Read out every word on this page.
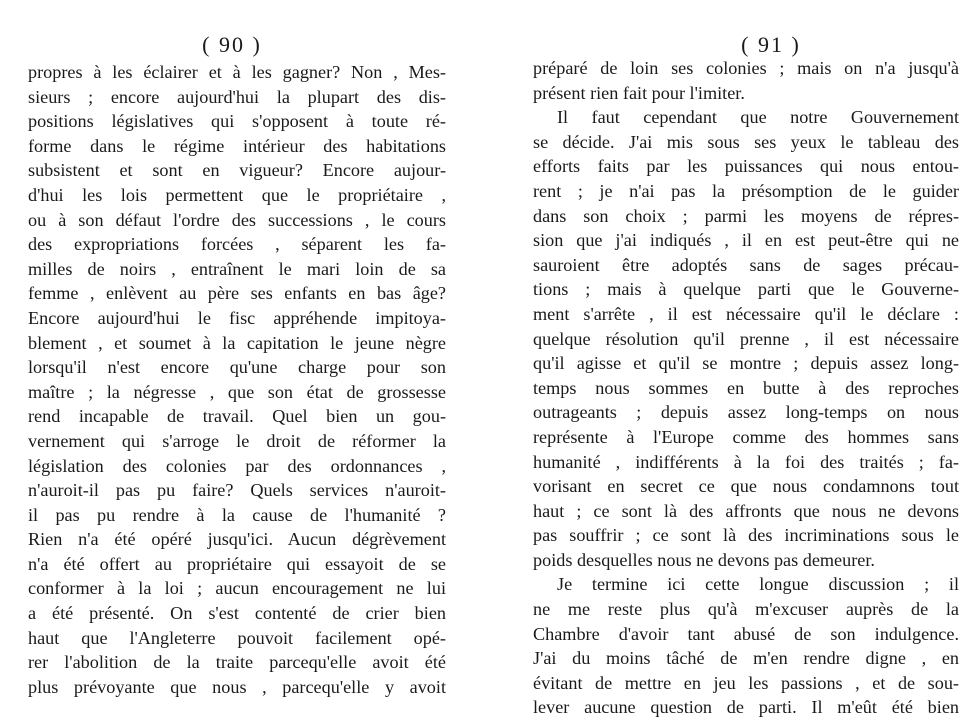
( 90 )
propres à les éclairer et à les gagner? Non , Mes-
sieurs ; encore aujourd'hui la plupart des dis-
positions législatives qui s'opposent à toute ré-
forme dans le régime intérieur des habitations
subsistent et sont en vigueur? Encore aujour-
d'hui les lois permettent que le propriétaire ,
ou à son défaut l'ordre des successions , le cours
des expropriations forcées , séparent les fa-
milles de noirs , entraînent le mari loin de sa
femme , enlèvent au père ses enfants en bas âge?
Encore aujourd'hui le fisc appréhende impitoya-
blement , et soumet à la capitation le jeune nègre
lorsqu'il n'est encore qu'une charge pour son
maître ; la négresse , que son état de grossesse
rend incapable de travail. Quel bien un gou-
vernement qui s'arroge le droit de réformer la
législation des colonies par des ordonnances ,
n'auroit-il pas pu faire? Quels services n'auroit-
il pas pu rendre à la cause de l'humanité ?
Rien n'a été opéré jusqu'ici. Aucun dégrèvement
n'a été offert au propriétaire qui essayoit de se
conformer à la loi ; aucun encouragement ne lui
a été présenté. On s'est contenté de crier bien
haut que l'Angleterre pouvoit facilement opé-
rer l'abolition de la traite parcequ'elle avoit été
plus prévoyante que nous , parcequ'elle y avoit
( 91 )
préparé de loin ses colonies ; mais on n'a jusqu'à
présent rien fait pour l'imiter.
Il faut cependant que notre Gouvernement
se décide. J'ai mis sous ses yeux le tableau des
efforts faits par les puissances qui nous entou-
rent ; je n'ai pas la présomption de le guider
dans son choix ; parmi les moyens de répres-
sion que j'ai indiqués , il en est peut-être qui ne
sauroient être adoptés sans de sages précau-
tions ; mais à quelque parti que le Gouverne-
ment s'arrête , il est nécessaire qu'il le déclare :
quelque résolution qu'il prenne , il est nécessaire
qu'il agisse et qu'il se montre ; depuis assez long-
temps nous sommes en butte à des reproches
outrageants ; depuis assez long-temps on nous
représente à l'Europe comme des hommes sans
humanité , indifférents à la foi des traités ; fa-
vorisant en secret ce que nous condamnons tout
haut ; ce sont là des affronts que nous ne devons
pas souffrir ; ce sont là des incriminations sous le
poids desquelles nous ne devons pas demeurer.
Je termine ici cette longue discussion ; il
ne me reste plus qu'à m'excuser auprès de la
Chambre d'avoir tant abusé de son indulgence.
J'ai du moins tâché de m'en rendre digne , en
évitant de mettre en jeu les passions , et de sou-
lever aucune question de parti. Il m'eût été bien
